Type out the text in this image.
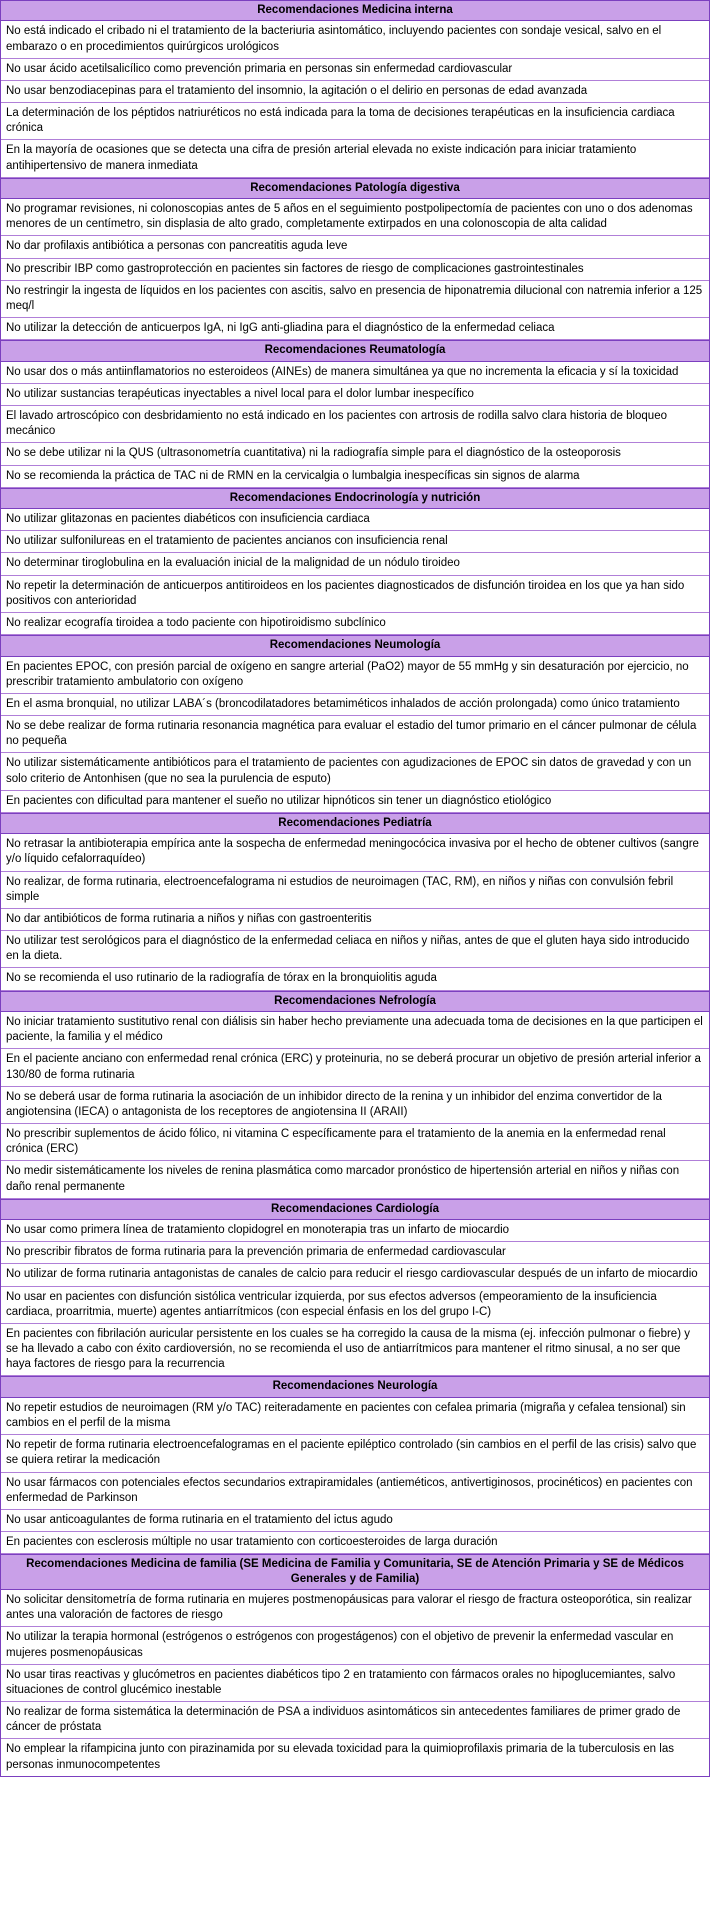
Recomendaciones Medicina interna
No está indicado el cribado ni el tratamiento de la bacteriuria asintomático, incluyendo pacientes con sondaje vesical, salvo en el embarazo o en procedimientos quirúrgicos urológicos
No usar ácido acetilsalicílico como prevención primaria en personas sin enfermedad cardiovascular
No usar benzodiacepinas para el tratamiento del insomnio, la agitación o el delirio en personas de edad avanzada
La determinación de los péptidos natriuréticos no está indicada para la toma de decisiones terapéuticas en la insuficiencia cardiaca crónica
En la mayoría de ocasiones que se detecta una cifra de presión arterial elevada no existe indicación para iniciar tratamiento antihipertensivo de manera inmediata
Recomendaciones Patología digestiva
No programar revisiones, ni colonoscopias antes de 5 años en el seguimiento postpolipectomía de pacientes con uno o dos adenomas menores de un centímetro, sin displasia de alto grado, completamente extirpados en una colonoscopia de alta calidad
No dar profilaxis antibiótica a personas con pancreatitis aguda leve
No prescribir IBP como gastroprotección en pacientes sin factores de riesgo de complicaciones gastrointestinales
No restringir la ingesta de líquidos en los pacientes con ascitis, salvo en presencia de hiponatremia dilucional con natremia inferior a 125 meq/l
No utilizar la detección de anticuerpos IgA, ni IgG anti-gliadina para el diagnóstico de la enfermedad celiaca
Recomendaciones Reumatología
No usar dos o más antiinflamatorios no esteroideos (AINEs) de manera simultánea ya que no incrementa la eficacia y sí la toxicidad
No utilizar sustancias terapéuticas inyectables a nivel local para el dolor lumbar inespecífico
El lavado artroscópico con desbridamiento no está indicado en los pacientes con artrosis de rodilla salvo clara historia de bloqueo mecánico
No se debe utilizar ni la QUS (ultrasonometría cuantitativa) ni la radiografía simple para el diagnóstico de la osteoporosis
No se recomienda la práctica de TAC ni de RMN en la cervicalgia o lumbalgia inespecíficas sin signos de alarma
Recomendaciones Endocrinología y nutrición
No utilizar glitazonas en pacientes diabéticos con insuficiencia cardiaca
No utilizar sulfonilureas en el tratamiento de pacientes ancianos con insuficiencia renal
No determinar tiroglobulina en la evaluación inicial de la malignidad de un nódulo tiroideo
No repetir la determinación de anticuerpos antitiroideos en los pacientes diagnosticados de disfunción tiroidea en los que ya han sido positivos con anterioridad
No realizar ecografía tiroidea a todo paciente con hipotiroidismo subclínico
Recomendaciones Neumología
En pacientes EPOC, con presión parcial de oxígeno en sangre arterial (PaO2) mayor de 55 mmHg y sin desaturación por ejercicio, no prescribir tratamiento ambulatorio con oxígeno
En el asma bronquial, no utilizar LABA´s (broncodilatadores betamiméticos inhalados de acción prolongada) como único tratamiento
No se debe realizar de forma rutinaria resonancia magnética para evaluar el estadio del tumor primario en el cáncer pulmonar de célula no pequeña
No utilizar sistemáticamente antibióticos para el tratamiento de pacientes con agudizaciones de EPOC sin datos de gravedad y con un solo criterio de Antonhisen (que no sea la purulencia de esputo)
En pacientes con dificultad para mantener el sueño no utilizar hipnóticos sin tener un diagnóstico etiológico
Recomendaciones Pediatría
No retrasar la antibioterapia empírica ante la sospecha de enfermedad meningocócica invasiva por el hecho de obtener cultivos (sangre y/o líquido cefalorraquídeo)
No realizar, de forma rutinaria, electroencefalograma ni estudios de neuroimagen (TAC, RM), en niños y niñas con convulsión febril simple
No dar antibióticos de forma rutinaria a niños y niñas con gastroenteritis
No utilizar test serológicos para el diagnóstico de la enfermedad celiaca en niños y niñas, antes de que el gluten haya sido introducido en la dieta.
No se recomienda el uso rutinario de la radiografía de tórax en la bronquiolitis aguda
Recomendaciones Nefrología
No iniciar tratamiento sustitutivo renal con diálisis sin haber hecho previamente una adecuada toma de decisiones en la que participen el paciente, la familia y el médico
En el paciente anciano con enfermedad renal crónica (ERC) y proteinuria, no se deberá procurar un objetivo de presión arterial inferior a 130/80 de forma rutinaria
No se deberá usar de forma rutinaria la asociación de un inhibidor directo de la renina y un inhibidor del enzima convertidor de la angiotensina (IECA) o antagonista de los receptores de angiotensina II (ARAII)
No prescribir suplementos de ácido fólico, ni vitamina C específicamente para el tratamiento de la anemia en la enfermedad renal crónica (ERC)
No medir sistemáticamente los niveles de renina plasmática como marcador pronóstico de hipertensión arterial en niños y niñas con daño renal permanente
Recomendaciones Cardiología
No usar como primera línea de tratamiento clopidogrel en monoterapia tras un infarto de miocardio
No prescribir fibratos de forma rutinaria para la prevención primaria de enfermedad cardiovascular
No utilizar de forma rutinaria antagonistas de canales de calcio para reducir el riesgo cardiovascular después de un infarto de miocardio
No usar en pacientes con disfunción sistólica ventricular izquierda, por sus efectos adversos (empeoramiento de la insuficiencia cardiaca, proarritmia, muerte) agentes antiarrítmicos (con especial énfasis en los del grupo I-C)
En pacientes con fibrilación auricular persistente en los cuales se ha corregido la causa de la misma (ej. infección pulmonar o fiebre) y se ha llevado a cabo con éxito cardioversión, no se recomienda el uso de antiarrítmicos para mantener el ritmo sinusal, a no ser que haya factores de riesgo para la recurrencia
Recomendaciones Neurología
No repetir estudios de neuroimagen (RM y/o TAC) reiteradamente en pacientes con cefalea primaria (migraña y cefalea tensional) sin cambios en el perfil de la misma
No repetir de forma rutinaria electroencefalogramas en el paciente epiléptico controlado (sin cambios en el perfil de las crisis) salvo que se quiera retirar la medicación
No usar fármacos con potenciales efectos secundarios extrapiramidales (antieméticos, antivertiginosos, procinéticos) en pacientes con enfermedad de Parkinson
No usar anticoagulantes de forma rutinaria en el tratamiento del ictus agudo
En pacientes con esclerosis múltiple no usar tratamiento con corticoesteroides de larga duración
Recomendaciones Medicina de familia (SE Medicina de Familia y Comunitaria, SE de Atención Primaria y SE de Médicos Generales y de Familia)
No solicitar densitometría de forma rutinaria en mujeres postmenopáusicas para valorar el riesgo de fractura osteoporótica, sin realizar antes una valoración de factores de riesgo
No utilizar la terapia hormonal (estrógenos o estrógenos con progestágenos) con el objetivo de prevenir la enfermedad vascular en mujeres posmenopáusicas
No usar tiras reactivas y glucómetros en pacientes diabéticos tipo 2 en tratamiento con fármacos orales no hipoglucemiantes, salvo situaciones de control glucémico inestable
No realizar de forma sistemática la determinación de PSA a individuos asintomáticos sin antecedentes familiares de primer grado de cáncer de próstata
No emplear la rifampicina junto con pirazinamida por su elevada toxicidad para la quimioprofilaxis primaria de la tuberculosis en las personas inmunocompetentes
